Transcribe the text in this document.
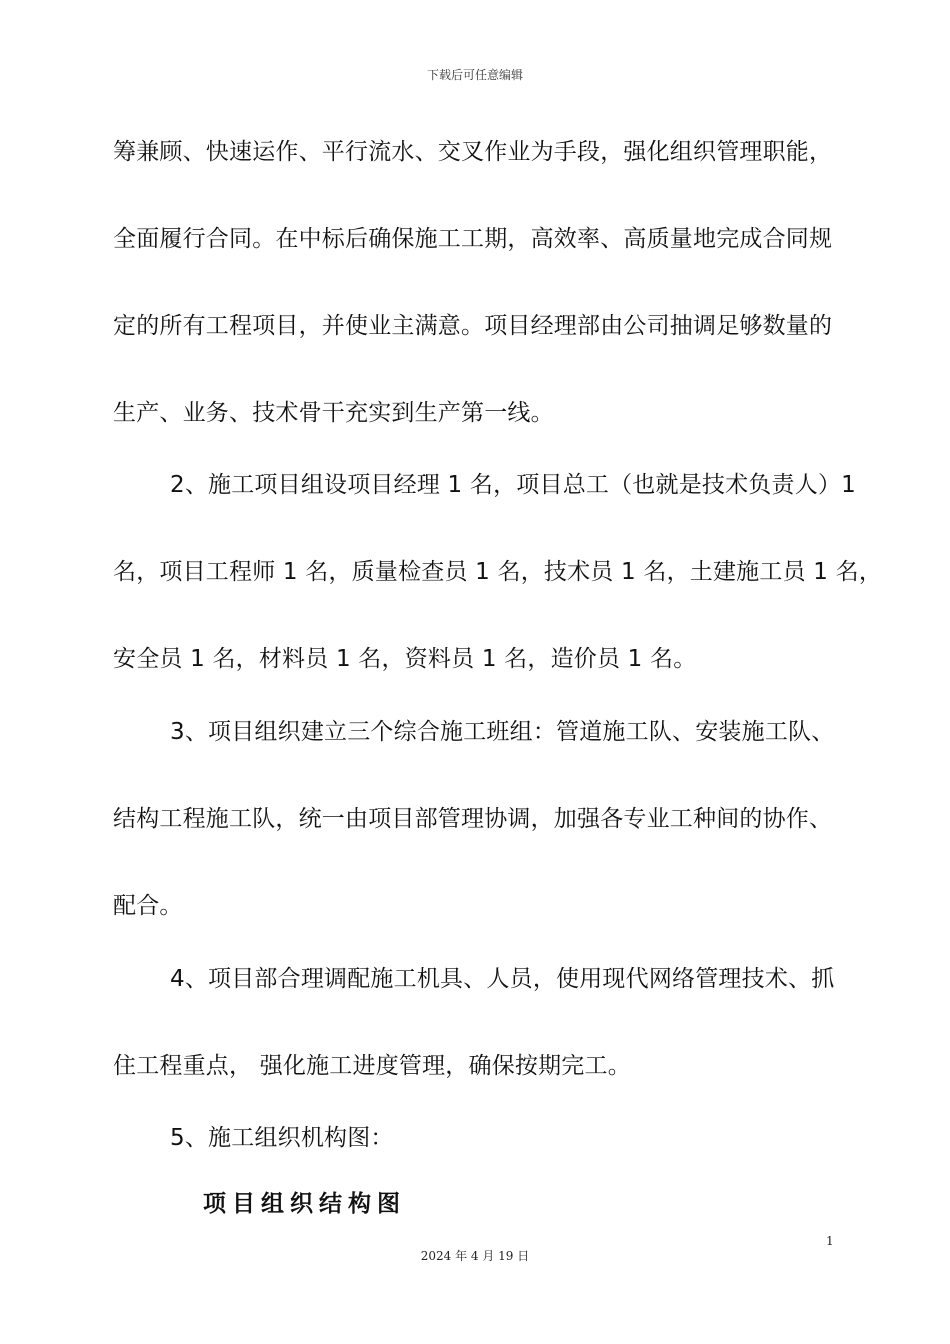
下载后可任意编辑
筹兼顾、快速运作、平行流水、交叉作业为手段，强化组织管理职能，
全面履行合同。在中标后确保施工工期，高效率、高质量地完成合同规
定的所有工程项目，并使业主满意。项目经理部由公司抽调足够数量的
生产、业务、技术骨干充实到生产第一线。
2、施工项目组设项目经理 1 名，项目总工（也就是技术负责人）1
名，项目工程师 1 名，质量检查员 1 名，技术员 1 名，土建施工员 1 名，
安全员 1 名，材料员 1 名，资料员 1 名，造价员 1 名。
3、项目组织建立三个综合施工班组：管道施工队、安装施工队、
结构工程施工队，统一由项目部管理协调，加强各专业工种间的协作、
配合。
4、项目部合理调配施工机具、人员，使用现代网络管理技术、抓
住工程重点， 强化施工进度管理，确保按期完工。
5、施工组织机构图：
项目组织结构图
1
2024 年 4 月 19 日
